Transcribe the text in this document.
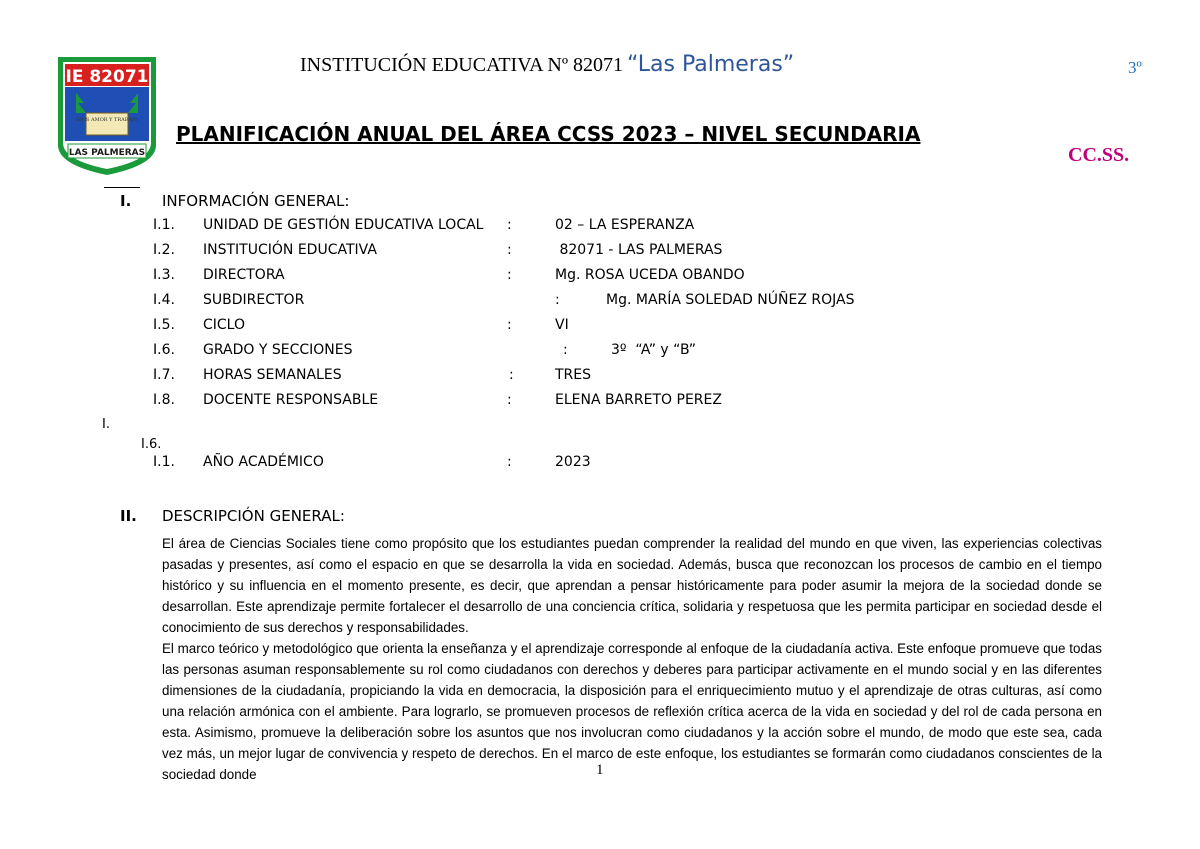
IE 82071
DIOS AMOR Y TRABAJO
LAS PALMERAS
INSTITUCIÓN EDUCATIVA Nº 82071 “Las Palmeras”	3º
PLANIFICACIÓN ANUAL DEL ÁREA CCSS 2023 – NIVEL SECUNDARIA
CC.SS.
I. INFORMACIÓN GENERAL:
I.1. UNIDAD DE GESTIÓN EDUCATIVA LOCAL :	02 – LA ESPERANZA
I.2. INSTITUCIÓN EDUCATIVA	:	82071 - LAS PALMERAS
I.3. DIRECTORA	:	Mg. ROSA UCEDA OBANDO
I.4. SUBDIRECTOR	:	Mg. MARÍA SOLEDAD NÚÑEZ ROJAS
I.5. CICLO	:	VI
I.6. GRADO Y SECCIONES	:	3º  “A” y “B”
I.7. HORAS SEMANALES	:	TRES
I.8. DOCENTE RESPONSABLE	:	ELENA BARRETO PEREZ
I.
I.6.
I.1. AÑO ACADÉMICO	:	2023
II. DESCRIPCIÓN GENERAL:

El área de Ciencias Sociales tiene como propósito que los estudiantes puedan comprender la realidad del mundo en que viven, las experiencias colectivas pasadas y presentes, así como el espacio en que se desarrolla la vida en sociedad. Además, busca que reconozcan los procesos de cambio en el tiempo histórico y su influencia en el momento presente, es decir, que aprendan a pensar históricamente para poder asumir la mejora de la sociedad donde se desarrollan. Este aprendizaje permite fortalecer el desarrollo de una conciencia crítica, solidaria y respetuosa que les permita participar en sociedad desde el conocimiento de sus derechos y responsabilidades.

El marco teórico y metodológico que orienta la enseñanza y el aprendizaje corresponde al enfoque de la ciudadanía activa. Este enfoque promueve que todas las personas asuman responsablemente su rol como ciudadanos con derechos y deberes para participar activamente en el mundo social y en las diferentes dimensiones de la ciudadanía, propiciando la vida en democracia, la disposición para el enriquecimiento mutuo y el aprendizaje de otras culturas, así como una relación armónica con el ambiente. Para lograrlo, se promueven procesos de reflexión crítica acerca de la vida en sociedad y del rol de cada persona en esta. Asimismo, promueve la deliberación sobre los asuntos que nos involucran como ciudadanos y la acción sobre el mundo, de modo que este sea, cada vez más, un mejor lugar de convivencia y respeto de derechos. En el marco de este enfoque, los estudiantes se formarán como ciudadanos conscientes de la sociedad donde	1
